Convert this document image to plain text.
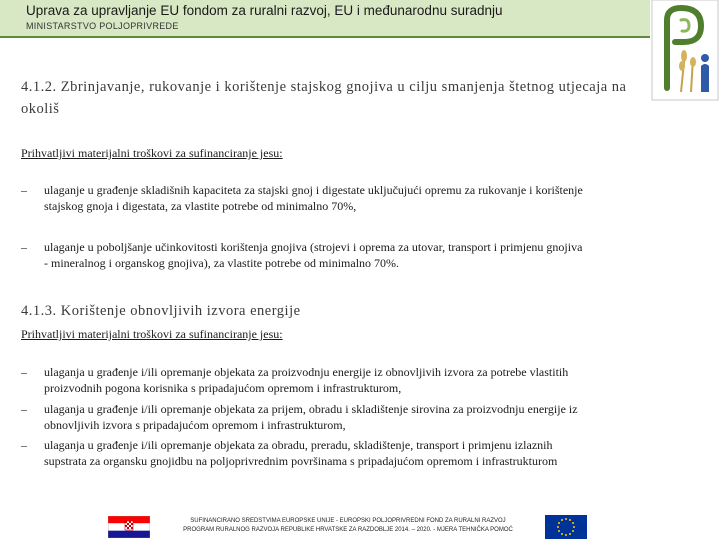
Uprava za upravljanje EU fondom za ruralni razvoj, EU i međunarodnu suradnju
MINISTARSTVO POLJOPRIVREDE
4.1.2. Zbrinjavanje, rukovanje i korištenje stajskog gnojiva u cilju smanjenja štetnog utjecaja na okoliš
Prihvatljivi materijalni troškovi za sufinanciranje jesu:
– ulaganje u građenje skladišnih kapaciteta za stajski gnoj i digestate uključujući opremu za rukovanje i korištenje
stajskog gnoja i digestata, za vlastite potrebe od minimalno 70%,
– ulaganje u poboljšanje učinkovitosti korištenja gnojiva (strojevi i oprema za utovar, transport i primjenu gnojiva
- mineralnog i organskog gnojiva), za vlastite potrebe od minimalno 70%.
4.1.3. Korištenje obnovljivih izvora energije
Prihvatljivi materijalni troškovi za sufinanciranje jesu:
– ulaganja u građenje i/ili opremanje objekata za proizvodnju energije iz obnovljivih izvora za potrebe vlastitih
proizvodnih pogona korisnika s pripadajućom opremom i infrastrukturom,
– ulaganja u građenje i/ili opremanje objekata za prijem, obradu i skladištenje sirovina za proizvodnju energije iz
obnovljivih izvora s pripadajućom opremom i infrastrukturom,
– ulaganja u građenje i/ili opremanje objekata za obradu, preradu, skladištenje, transport i primjenu izlaznih
supstrata za organsku gnojidbu na poljoprivrednim površinama s pripadajućom opremom i infrastrukturom
SUFINANCIRANO SREDSTVIMA EUROPSKE UNIJE - EUROPSKI POLJOPRIVREDNI FOND ZA RURALNI RAZVOJ
PROGRAM RURALNOG RAZVOJA REPUBLIKE HRVATSKE ZA RAZDOBLJE 2014. – 2020. - MJERA TEHNIČKA POMOĆ
